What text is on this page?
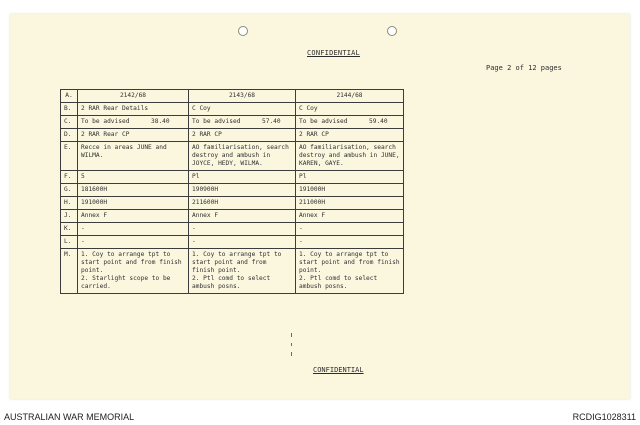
CONFIDENTIAL
Page 2 of 12 pages
A.	2142/68	2143/68	2144/68
B.	2 RAR Rear Details	C Coy	C Coy
C.	To be advised 38.40	To be advised 57.40	To be advised 59.40

D.	2 RAR Rear CP	2 RAR CP	2 RAR CP
E.	Recce in areas JUNE and WILMA.	AO familiarisation, search destroy and ambush in JOYCE, HEDY, WILMA.	AO familiarisation, search destroy and ambush in JUNE, KAREN, GAYE.
F.	5	Pl	Pl
G.	181600H	190900H	191000H
H.	191000H	211600H	211000H
J.	Annex F	Annex F	Annex F
K.	-	-	-
L.	-	-	-
M.	1. Coy to arrange tpt to start point and from finish point.
2. Starlight scope to be carried.	1. Coy to arrange tpt to start point and from finish point.
2. Ptl comd to select ambush posns.	1. Coy to arrange tpt to start point and from finish point.
2. Ptl comd to select ambush posns.
CONFIDENTIAL
AUSTRALIAN WAR MEMORIAL	RCDIG1028311
